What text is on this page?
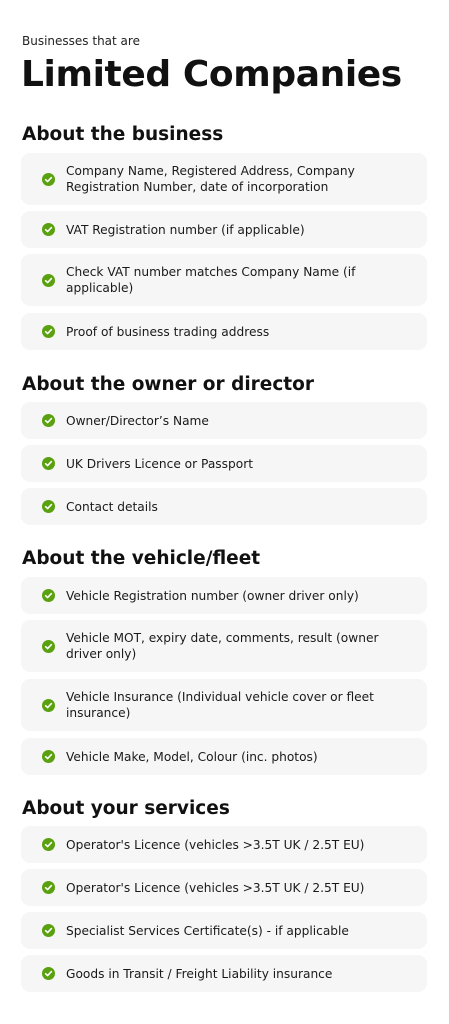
Businesses that are
Limited Companies
About the business
Company Name, Registered Address, Company Registration Number, date of incorporation
VAT Registration number (if applicable)
Check VAT number matches Company Name (if applicable)
Proof of business trading address
About the owner or director
Owner/Director’s Name
UK Drivers Licence or Passport
Contact details
About the vehicle/fleet
Vehicle Registration number (owner driver only)
Vehicle MOT, expiry date, comments, result (owner driver only)
Vehicle Insurance (Individual vehicle cover or fleet insurance)
Vehicle Make, Model, Colour (inc. photos)
About your services
Operator's Licence (vehicles >3.5T UK / 2.5T EU)
Operator's Licence (vehicles >3.5T UK / 2.5T EU)
Specialist Services Certificate(s) - if applicable
Goods in Transit / Freight Liability insurance
